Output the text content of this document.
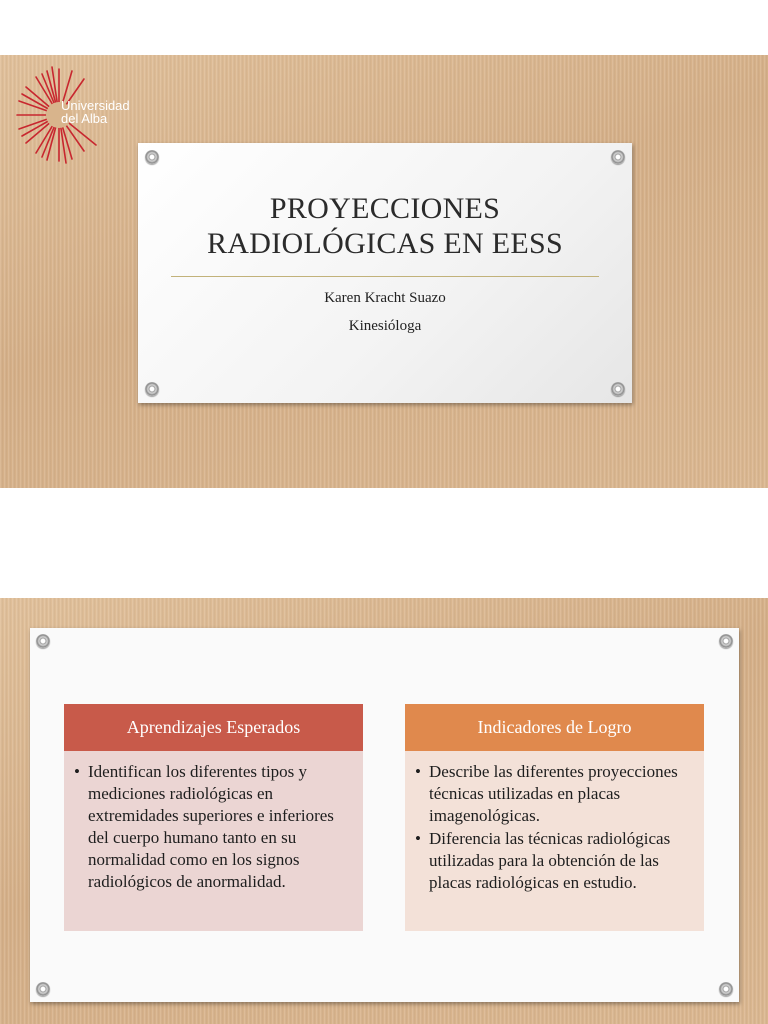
Universidad
del Alba
PROYECCIONES
RADIOLÓGICAS EN EESS
Karen Kracht Suazo
Kinesióloga
Aprendizajes Esperados
• Identifican los diferentes tipos y mediciones radiológicas en extremidades superiores e inferiores del cuerpo humano tanto en su normalidad como en los signos radiológicos de anormalidad.
Indicadores de Logro
• Describe las diferentes proyecciones técnicas utilizadas en placas imagenológicas.
• Diferencia las técnicas radiológicas utilizadas para la obtención de las placas radiológicas en estudio.
